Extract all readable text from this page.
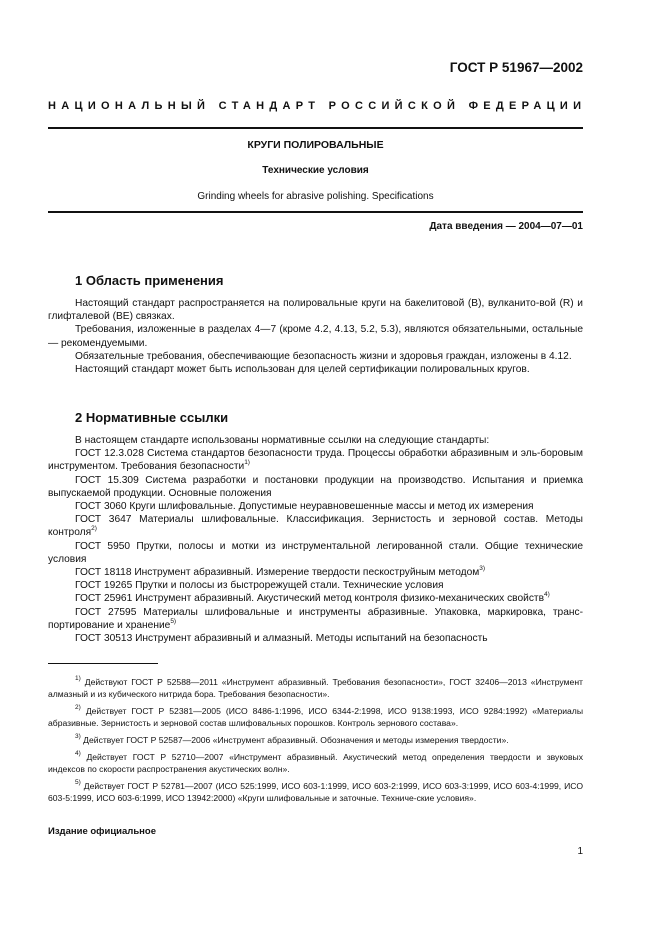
ГОСТ Р 51967—2002
НАЦИОНАЛЬНЫЙ СТАНДАРТ РОССИЙСКОЙ ФЕДЕРАЦИИ
КРУГИ ПОЛИРОВАЛЬНЫЕ
Технические условия
Grinding wheels for abrasive polishing. Specifications
Дата введения — 2004—07—01
1 Область применения

Настоящий стандарт распространяется на полировальные круги на бакелитовой (В), вулканито-вой (R) и глифталевой (ВЕ) связках.

Требования, изложенные в разделах 4—7 (кроме 4.2, 4.13, 5.2, 5.3), являются обязательными, остальные — рекомендуемыми.

Обязательные требования, обеспечивающие безопасность жизни и здоровья граждан, изложены в 4.12.

Настоящий стандарт может быть использован для целей сертификации полировальных кругов.

2 Нормативные ссылки

В настоящем стандарте использованы нормативные ссылки на следующие стандарты:

ГОСТ 12.3.028 Система стандартов безопасности труда. Процессы обработки абразивным и эль-боровым инструментом. Требования безопасности$^{1)}$

ГОСТ 15.309 Система разработки и постановки продукции на производство. Испытания и приемка выпускаемой продукции. Основные положения

ГОСТ 3060 Круги шлифовальные. Допустимые неуравновешенные массы и метод их измерения

ГОСТ 3647 Материалы шлифовальные. Классификация. Зернистость и зерновой состав. Методы контроля$^{2)}$

ГОСТ 5950 Прутки, полосы и мотки из инструментальной легированной стали. Общие технические условия

ГОСТ 18118 Инструмент абразивный. Измерение твердости пескоструйным методом$^{3)}$

ГОСТ 19265 Прутки и полосы из быстрорежущей стали. Технические условия

ГОСТ 25961 Инструмент абразивный. Акустический метод контроля физико-механических свойств$^{4)}$

ГОСТ 27595 Материалы шлифовальные и инструменты абразивные. Упаковка, маркировка, транс-портирование и хранение$^{5)}$

ГОСТ 30513 Инструмент абразивный и алмазный. Методы испытаний на безопасность

$^{1)}$ Действуют ГОСТ Р 52588—2011 «Инструмент абразивный. Требования безопасности», ГОСТ 32406—2013 «Инструмент алмазный и из кубического нитрида бора. Требования безопасности».

$^{2)}$ Действует ГОСТ Р 52381—2005 (ИСО 8486-1:1996, ИСО 6344-2:1998, ИСО 9138:1993, ИСО 9284:1992) «Материалы абразивные. Зернистость и зерновой состав шлифовальных порошков. Контроль зернового состава».

$^{3)}$ Действует ГОСТ Р 52587—2006 «Инструмент абразивный. Обозначения и методы измерения твердости».

$^{4)}$ Действует ГОСТ Р 52710—2007 «Инструмент абразивный. Акустический метод определения твердости и звуковых индексов по скорости распространения акустических волн».

$^{5)}$ Действует ГОСТ Р 52781—2007 (ИСО 525:1999, ИСО 603-1:1999, ИСО 603-2:1999, ИСО 603-3:1999, ИСО 603-4:1999, ИСО 603-5:1999, ИСО 603-6:1999, ИСО 13942:2000) «Круги шлифовальные и заточные. Техниче-ские условия».

Издание официальное
1
